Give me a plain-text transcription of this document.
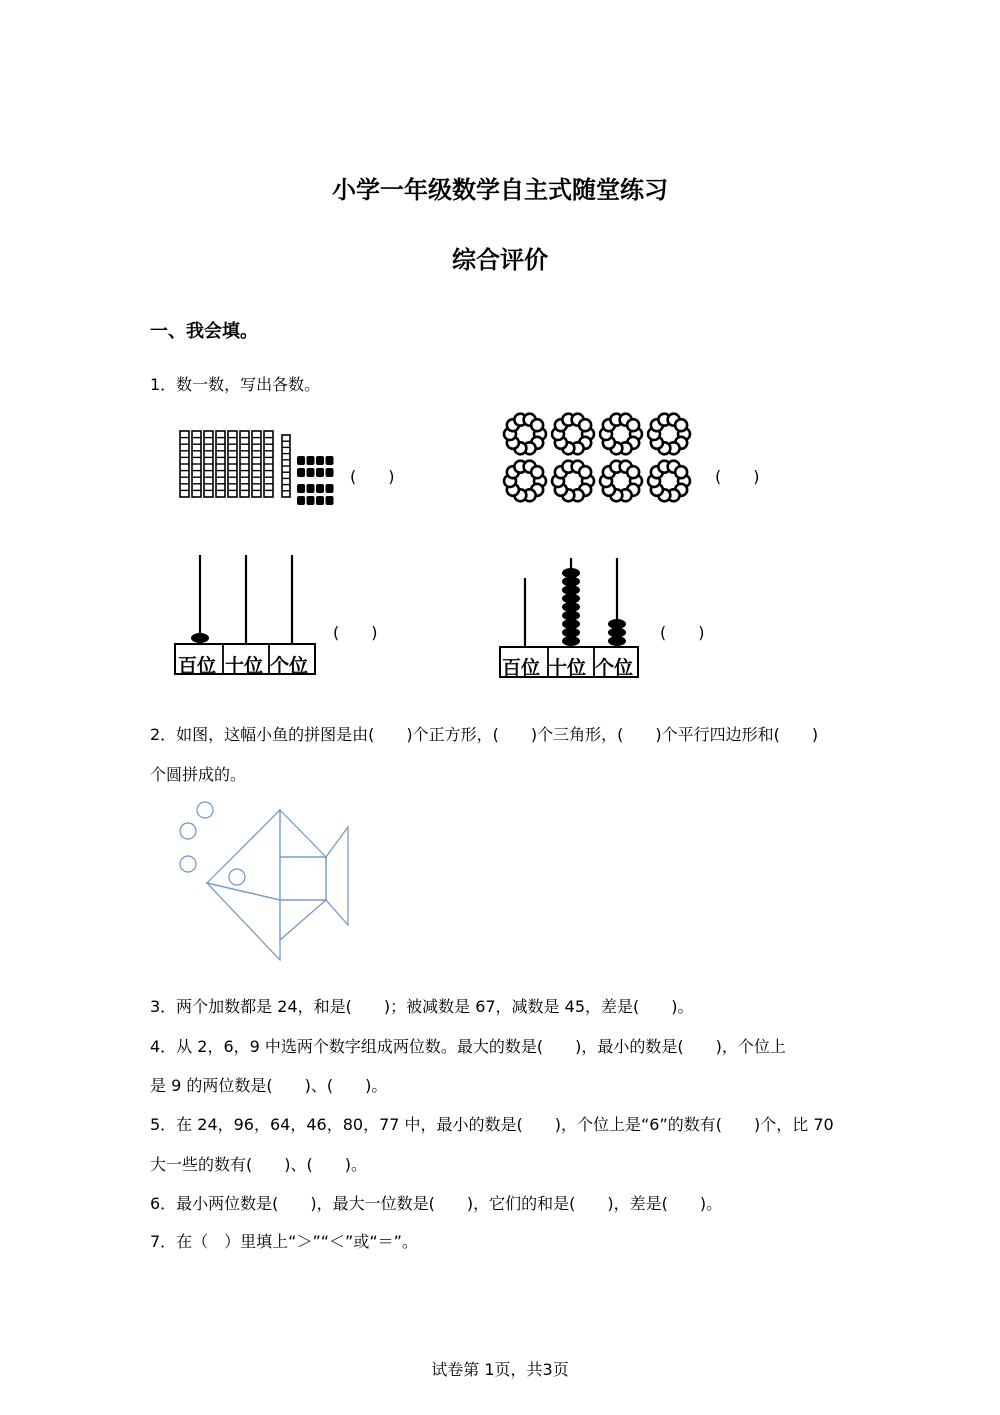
小学一年级数学自主式随堂练习
综合评价
一、我会填。
1．数一数，写出各数。
(　　)	(　　)
百位 十位 个位
(　　)
百位 十位 个位
(　　)
2．如图，这幅小鱼的拼图是由(　　)个正方形，(　　)个三角形，(　　)个平行四边形和(　　)
个圆拼成的。
3．两个加数都是 24，和是(　　)；被减数是 67，减数是 45，差是(　　)。
4．从 2，6，9 中选两个数字组成两位数。最大的数是(　　)，最小的数是(　　)，个位上
是 9 的两位数是(　　)、(　　)。
5．在 24，96，64，46，80，77 中，最小的数是(　　)，个位上是“6”的数有(　　)个，比 70
大一些的数有(　　)、(　　)。
6．最小两位数是(　　)，最大一位数是(　　)，它们的和是(　　)，差是(　　)。
7．在（　）里填上“＞”“＜”或“＝”。
试卷第 1页，共3页
